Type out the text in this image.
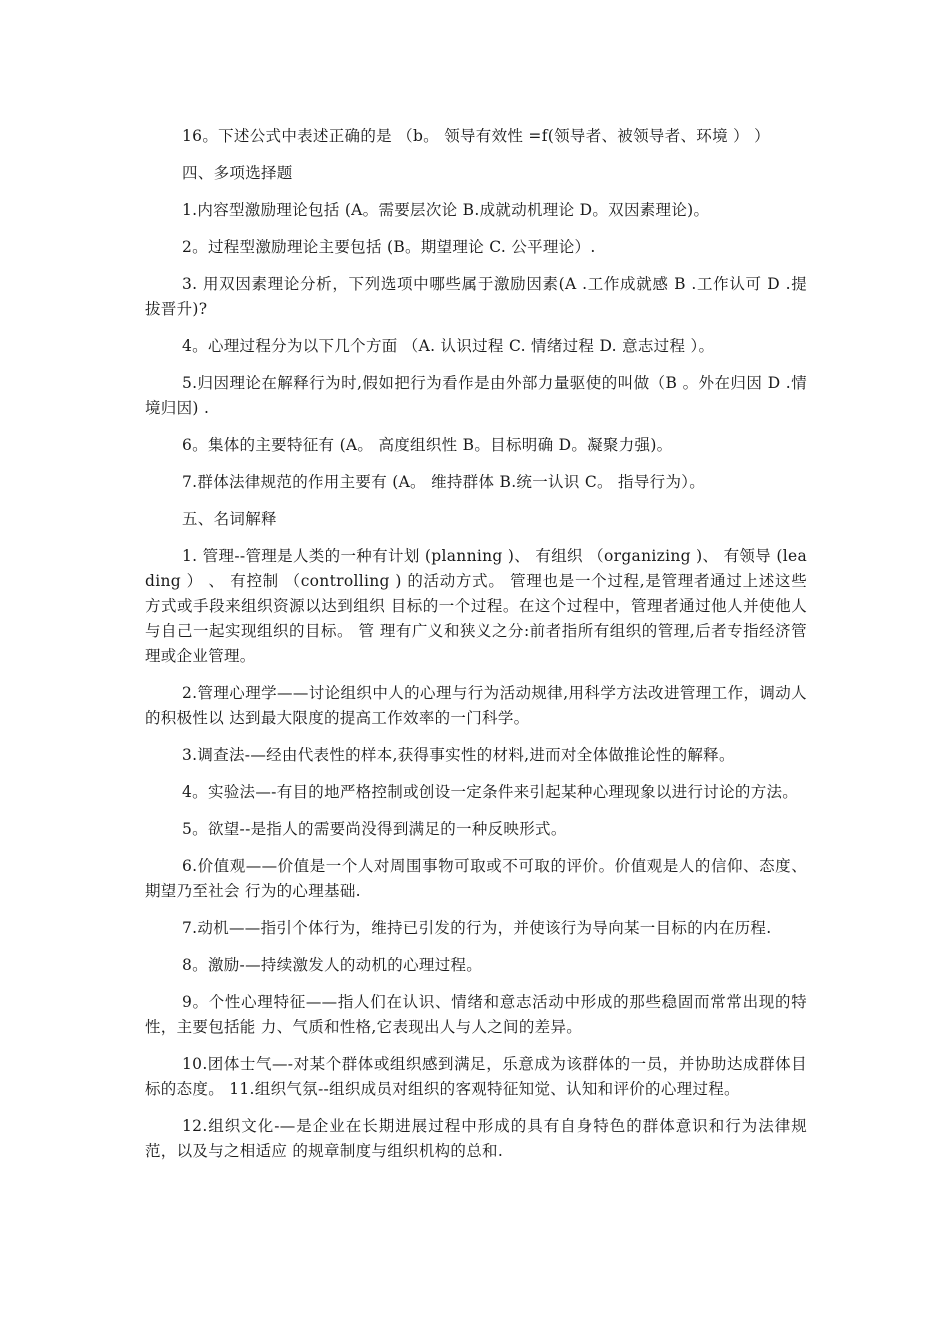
16。下述公式中表述正确的是 （b。 领导有效性 =f(领导者、被领导者、环境 ） ）

四、多项选择题

1.内容型激励理论包括 (A。需要层次论 B.成就动机理论 D。双因素理论)。

2。过程型激励理论主要包括 (B。期望理论 C. 公平理论）.

3. 用双因素理论分析，下列选项中哪些属于激励因素(A .工作成就感 B .工作认可 D .提拔晋升)?

4。心理过程分为以下几个方面 （A. 认识过程 C. 情绪过程 D. 意志过程 ）。

5.归因理论在解释行为时,假如把行为看作是由外部力量驱使的叫做（B 。外在归因 D .情境归因) .

6。集体的主要特征有 (A。 高度组织性 B。目标明确 D。凝聚力强)。

7.群体法律规范的作用主要有 (A。 维持群体 B.统一认识 C。 指导行为）。

五、名词解释

1. 管理--管理是人类的一种有计划 (planning )、 有组织 （organizing )、 有领导 (leading ） 、 有控制 （controlling ) 的活动方式。 管理也是一个过程,是管理者通过上述这些方式或手段来组织资源以达到组织 目标的一个过程。在这个过程中，管理者通过他人并使他人与自己一起实现组织的目标。 管 理有广义和狭义之分:前者指所有组织的管理,后者专指经济管理或企业管理。

2.管理心理学——讨论组织中人的心理与行为活动规律,用科学方法改进管理工作，调动人的积极性以 达到最大限度的提高工作效率的一门科学。

3.调查法-—经由代表性的样本,获得事实性的材料,进而对全体做推论性的解释。

4。实验法—-有目的地严格控制或创设一定条件来引起某种心理现象以进行讨论的方法。

5。欲望--是指人的需要尚没得到满足的一种反映形式。

6.价值观——价值是一个人对周围事物可取或不可取的评价。价值观是人的信仰、态度、期望乃至社会 行为的心理基础.

7.动机——指引个体行为，维持已引发的行为，并使该行为导向某一目标的内在历程.

8。激励-—持续激发人的动机的心理过程。

9。个性心理特征——指人们在认识、情绪和意志活动中形成的那些稳固而常常出现的特性，主要包括能 力、气质和性格,它表现出人与人之间的差异。

10.团体士气—-对某个群体或组织感到满足，乐意成为该群体的一员，并协助达成群体目标的态度。 11.组织气氛--组织成员对组织的客观特征知觉、认知和评价的心理过程。

12.组织文化-—是企业在长期进展过程中形成的具有自身特色的群体意识和行为法律规范，以及与之相适应 的规章制度与组织机构的总和.
